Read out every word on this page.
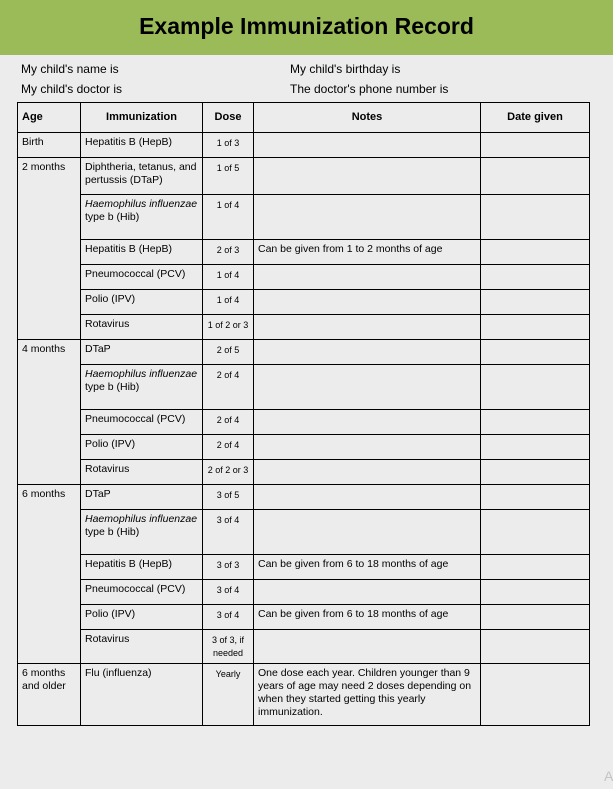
Example Immunization Record
My child's name is	My child's birthday is
My child's doctor is	The doctor's phone number is
Age	Immunization	Dose	Notes	Date given
Birth	Hepatitis B (HepB)	1 of 3		
2 months	Diphtheria, tetanus, and pertussis (DTaP)	1 of 5		
	Haemophilus influenzae type b (Hib)	1 of 4		
	Hepatitis B (HepB)	2 of 3	Can be given from 1 to 2 months of age	
	Pneumococcal (PCV)	1 of 4		
	Polio (IPV)	1 of 4		
	Rotavirus	1 of 2 or 3		
4 months	DTaP	2 of 5		
	Haemophilus influenzae type b (Hib)	2 of 4		
	Pneumococcal (PCV)	2 of 4		
	Polio (IPV)	2 of 4		
	Rotavirus	2 of 2 or 3		
6 months	DTaP	3 of 5		
	Haemophilus influenzae type b (Hib)	3 of 4		
	Hepatitis B (HepB)	3 of 3	Can be given from 6 to 18 months of age	
	Pneumococcal (PCV)	3 of 4		
	Polio (IPV)	3 of 4	Can be given from 6 to 18 months of age	
	Rotavirus	3 of 3, if needed		
6 months and older	Flu (influenza)	Yearly	One dose each year. Children younger than 9 years of age may need 2 doses depending on when they started getting this yearly immunization.	
A
